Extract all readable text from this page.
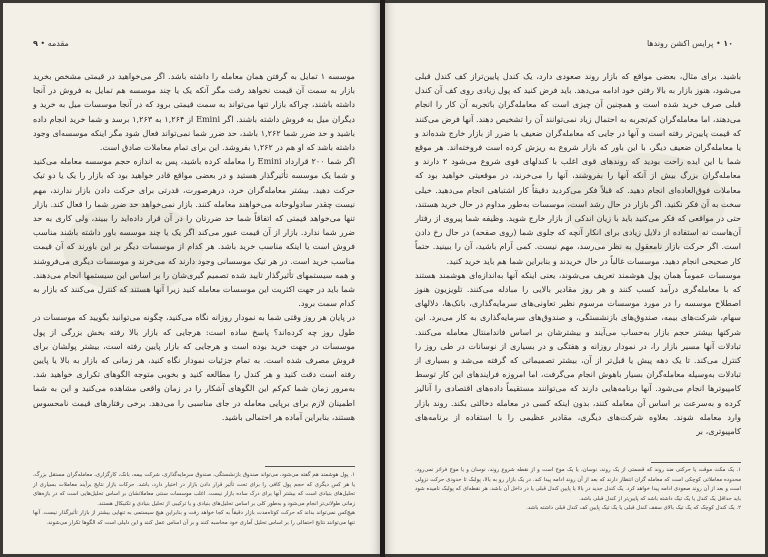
مقدمه • ٩

موسسه ١ تمایل به گرفتن همان معامله را داشته باشد. اگر می‌خواهید در قیمتی مشخص بخرید بازار به سمت آن قیمت نخواهد رفت مگر آنکه یک یا چند موسسه هم تمایل به فروش در آنجا داشته باشند، چراکه بازار تنها می‌تواند به سمت قیمتی برود که در آنجا موسسات میل به خرید و دیگران میل به فروش داشته باشند. اگر Emini از ١,٢۶۴ به ١,٢۶٣ برسد و شما خرید انجام داده باشید و حد ضرر شما ١,٢۶٢ باشد، حد ضرر شما نمی‌تواند فعال شود مگر اینکه موسسه‌ای وجود داشته باشد که او هم در ١,٢۶٢ بفروشد. این برای تمام معاملات صادق است.

اگر شما ٢٠٠ قرارداد Emini را معامله کرده باشید، پس به اندازه حجم موسسه معامله می‌کنید و شما یک موسسه تأثیرگذار هستید و در بعضی مواقع قادر خواهید بود که بازار را یک یا دو تیک حرکت دهید. بیشتر معامله‌گران خرد، درهرصورت، قدرتی برای حرکت دادن بازار ندارند، مهم نیست چقدر سادولوحانه می‌خواهند معامله کنند. بازار نمی‌خواهد حد ضرر شما را فعال کند. بازار تنها می‌خواهد قیمتی که اتفاقاً شما حد ضررتان را در آن قرار داده‌اید را ببیند، ولی کاری به حد ضرر شما ندارد. بازار از آن قیمت عبور می‌کند اگر یک یا چند موسسه باور داشته باشند مناسب فروش است یا اینکه مناسب خرید باشد. هر کدام از موسسات دیگر بر این باورند که آن قیمت مناسب خرید است. در هر تیک موسسانی وجود دارند که می‌خرند و موسسات دیگری می‌فروشند و همه سیستمهای تأثیرگذار تایید شده تصمیم گیری‌شان را بر اساس این سیستمها انجام می‌دهند. شما باید در جهت اکثریت این موسسات معامله کنید زیرا آنها هستند که کنترل می‌کنند که بازار به کدام سمت برود.

در پایان هر روز وقتی شما به نمودار روزانه نگاه می‌کنید، چگونه می‌توانید بگویید که موسسات در طول روز چه کرده‌اند؟ پاسخ ساده است: هرجایی که بازار بالا رفته بخش بزرگی از پول موسسات در جهت خرید بوده است و هرجایی که بازار پایین رفته است، بیشتر پولشان برای فروش مصرف شده است. به تمام جزئیات نمودار نگاه کنید، هر زمانی که بازار به بالا یا پایین رفته است دقت کنید و هر کندل را مطالعه کنید و بخوبی متوجه الگوهای تکراری خواهید شد. به‌مرور زمان شما کم‌کم این الگوهای آشکار را در زمان واقعی مشاهده می‌کنید و این به شما اطمینان لازم برای برپایی معامله در جای مناسبی را می‌دهد. برخی رفتارهای قیمت نامحسوس هستند، بنابراین آماده هر احتمالی باشید.

١. پول هوشمند هم گفته می‌شود، می‌تواند صندوق بازنشستگی، صندوق سرمایه‌گذاری، شرکت بیمه، بانک، کارگزاری، معامله‌گران مستقل بزرگ، یا هر کس دیگری که حجم پول کافی را برای تحت تأثیر قرار دادن بازار در اختیار دارد، باشد. حرکات بازار نتایج برآیند معاملات بسیاری از تحلیل‌های بنیادی است که بیشتر آنها برای درک ساده بازار نیست. اغلب موسسات سنتی معاملاتشان بر اساس تحلیل‌هایی است که در بازه‌های زمانی طولانی‌تر انجام می‌شود و به‌طور کلی بر اساس تحلیل‌های بنیادی و یا ترکیبی از تحلیل بنیادی و تکنیکال هستند.

هیچ‌کس نمی‌تواند بداند که حرکت کوتاه‌مدت بازار دقیقاً به کجا خواهد رفت و بنابراین هیچ سیستمی به تنهایی بیشتر از بازار تأثیرگذار نیست. آنها تنها می‌توانند نتایج احتمالی را بر اساس تحلیل آماری خود محاسبه کنند و بر آن اساس عمل کنند و این دلیلی است که الگوها تکرار می‌شوند.

١٠ • پرایس اکشن روندها

باشید. برای مثال، بعضی مواقع که بازار روند صعودی دارد، یک کندل پایین‌تراز کف کندل قبلی می‌شود، هنوز بازار به بالا رفتن خود ادامه می‌دهد. باید فرض کنید که پول زیادی روی کف آن کندل قبلی صرف خرید شده است و همچنین آن چیزی است که معامله‌گران باتجربه آن کار را انجام می‌دهند، اما معامله‌گران کم‌تجربه به احتمال زیاد نمی‌توانند آن را تشخیص دهند. آنها فرض می‌کنند که قیمت پایین‌تر رفته است و آنها در جایی که معامله‌گران ضعیف با ضرر از بازار خارج شده‌اند و یا معامله‌گران ضعیف دیگر، با این باور که بازار شروع به ریزش کرده است فروخته‌اند. هر موقع شما با این ایده راحت بودید که روندهای قوی اغلب با کندلهای قوی شروع می‌شود ٢ دارند و معامله‌گران بزرگ بیش از آنکه آنها را بفروشند، آنها را می‌خرند، در موقعیتی خواهید بود که معاملات فوق‌العاده‌ای انجام دهید. که قبلاً فکر می‌کردید دقیقاً کار اشتباهی انجام می‌دهید. خیلی سخت به آن فکر نکنید. اگر بازار در حال رشد است، موسسات به‌طور مداوم در حال خرید هستند، حتی در مواقعی که فکر می‌کنید باید با زیان اندکی از بازار خارج شوید. وظیفه شما پیروی از رفتار آن‌هاست نه استفاده از دلایل زیادی برای انکار آنچه که جلوی شما (روی صفحه) در حال رخ دادن است. اگر حرکت بازار نامعقول به نظر می‌رسد، مهم نیست. کمی آرام باشید، آن را ببینید. حتماً کار صحیحی انجام دهید. موسسات غالباً در حال خریدند و بنابراین شما هم باید خرید کنید.

موسسات عموماً همان پول هوشمند تعریف می‌شوند، یعنی اینکه آنها به‌اندازه‌ای هوشمند هستند که با معامله‌گری درآمد کسب کنند و هر روز مقادیر بالایی را مبادله می‌کنند. تلویزیون هنوز اصطلاح موسسه را در مورد موسسات مرسوم نظیر تعاونی‌های سرمایه‌گذاری، بانک‌ها، دلالهای سهام، شرکت‌های بیمه، صندوق‌های بازنشستگی، و صندوق‌های سرمایه‌گذاری به کار می‌برد. این شرکتها بیشتر حجم بازار به‌حساب می‌آیند و بیشترشان بر اساس فاندامنتال معامله می‌کنند. تبادلات آنها مسیر بازار را، در نمودار روزانه و هفتگی و در بسیاری از نوسانات در طی روز را کنترل می‌کند. تا یک دهه پیش یا قبل‌تر از آن، بیشتر تصمیماتی که گرفته می‌شد و بسیاری از تبادلات به‌وسیله معامله‌گران بسیار باهوش انجام می‌گرفت، اما امروزه فرایندهای این کار توسط کامپیوترها انجام می‌شود. آنها برنامه‌هایی دارند که می‌توانند مستقیماً داده‌های اقتصادی را آنالیز کرده و به‌سرعت بر اساس آن معامله کنند، بدون اینکه کسی در معامله دخالتی بکند. روند بازار وارد معامله شوند. بعلاوه شرکت‌های دیگری، مقادیر عظیمی را با استفاده از برنامه‌های کامپیوتری، بر

١. یک مکث موقت یا حرکتی ضد روند که قسمتی از یک روند، نوسان، یا یک موج است و از نقطه شروع روند، نوسان و یا موج فراتر نمی‌رود. محدوده معاملاتی کوچکی است که معامله گران انتظار دارند که بعد از آن روند ادامه پیدا کند. در یک بازار رو به بالا، پولبک تا حدودی حرکت نزولی است و بعد از آن روند صعودی ادامه پیدا خواهد کرد. یک کندل جدید در بالا یا پایین کندل قبلی یا در داخل آن باشد. هر نقطه‌ای که پولبک نامیده شود باید حداقل یک کندل یا یک تیک داشته باشد که پایین‌تر از کندل قبلی باشد.

٢. یک کندل کوچک که یک تیک بالای سقف کندل قبلی یا یک تیک پایین کف کندل قبلی داشته باشد.
